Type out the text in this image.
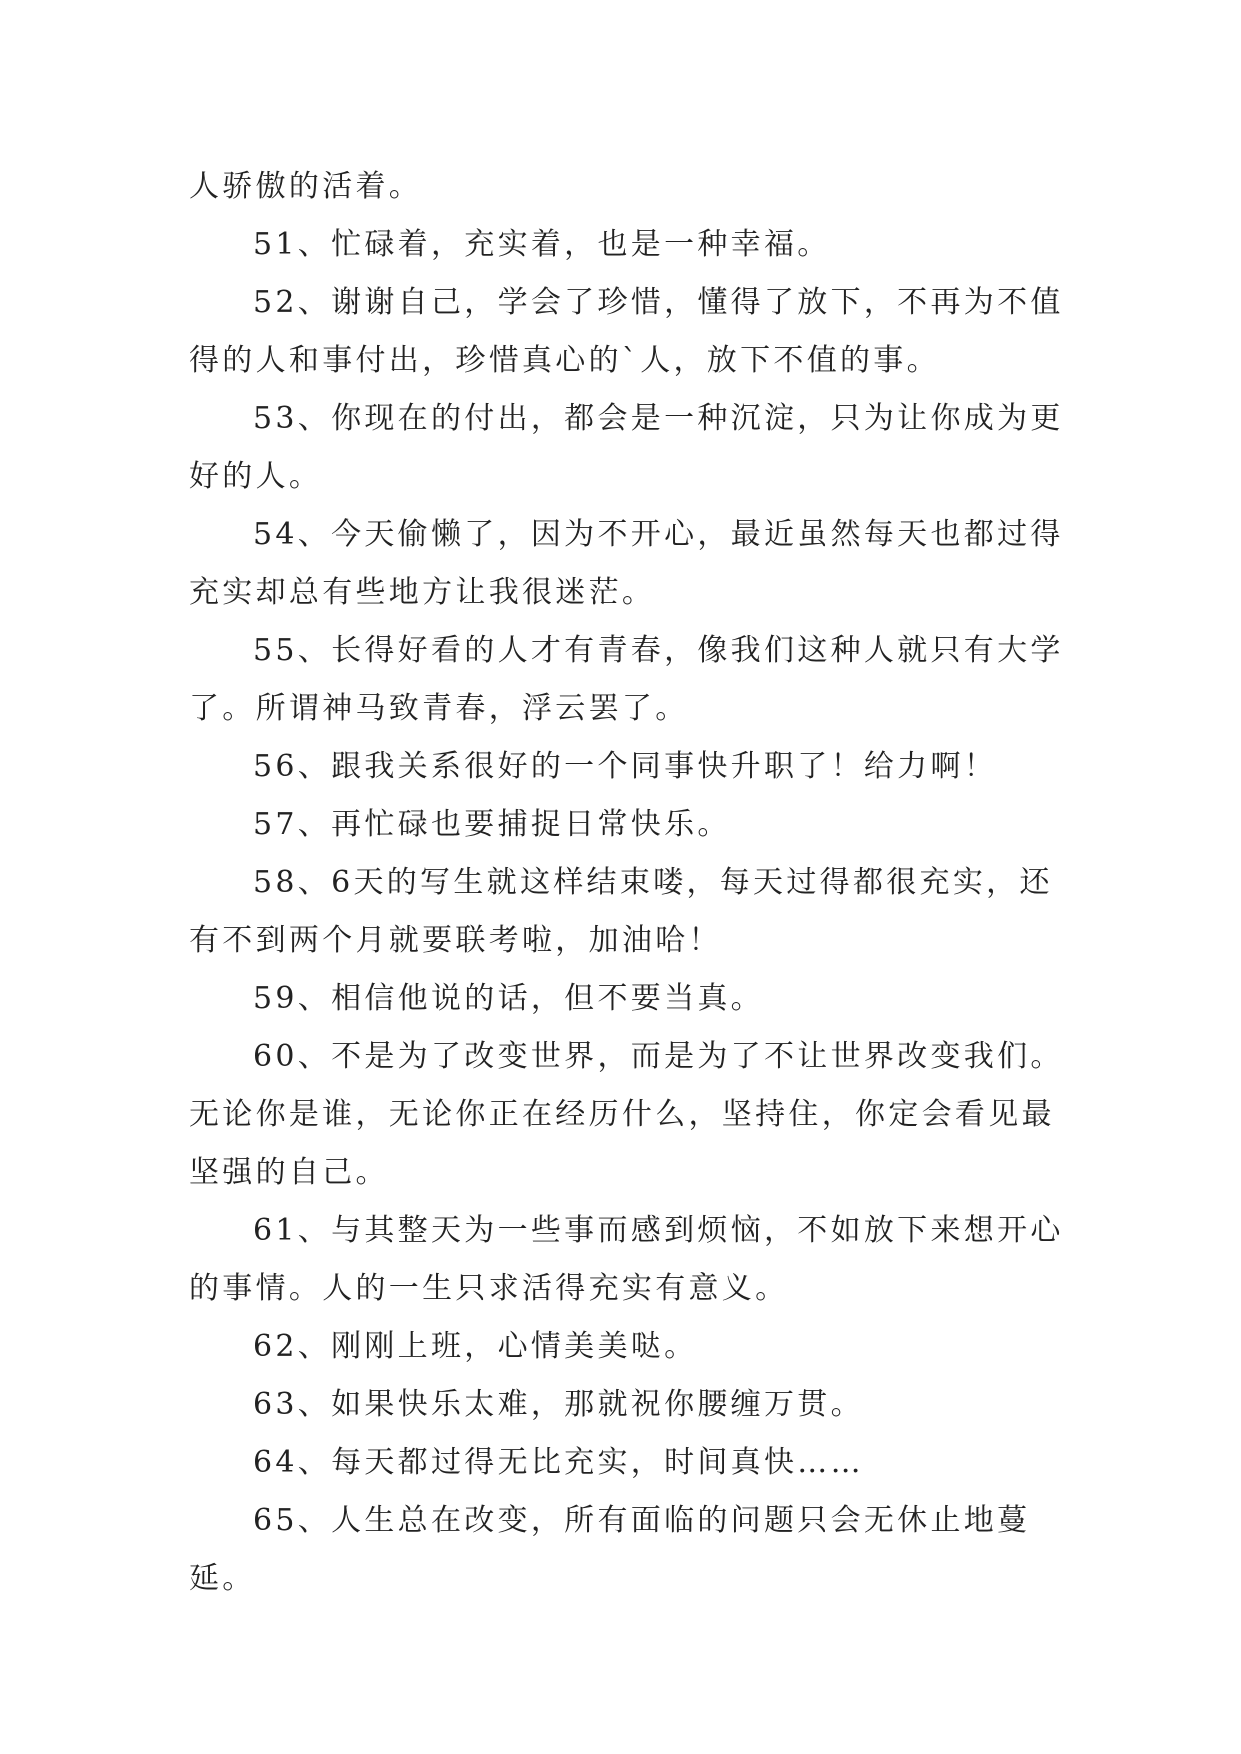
人骄傲的活着。

51、忙碌着，充实着，也是一种幸福。

52、谢谢自己，学会了珍惜，懂得了放下，不再为不值得的人和事付出，珍惜真心的`人，放下不值的事。

53、你现在的付出，都会是一种沉淀，只为让你成为更好的人。

54、今天偷懒了，因为不开心，最近虽然每天也都过得充实却总有些地方让我很迷茫。

55、长得好看的人才有青春，像我们这种人就只有大学了。所谓神马致青春，浮云罢了。

56、跟我关系很好的一个同事快升职了！给力啊！

57、再忙碌也要捕捉日常快乐。

58、6天的写生就这样结束喽，每天过得都很充实，还有不到两个月就要联考啦，加油哈！

59、相信他说的话，但不要当真。

60、不是为了改变世界，而是为了不让世界改变我们。无论你是谁，无论你正在经历什么，坚持住，你定会看见最坚强的自己。

61、与其整天为一些事而感到烦恼，不如放下来想开心的事情。人的一生只求活得充实有意义。

62、刚刚上班，心情美美哒。

63、如果快乐太难，那就祝你腰缠万贯。

64、每天都过得无比充实，时间真快……

65、人生总在改变，所有面临的问题只会无休止地蔓延。
